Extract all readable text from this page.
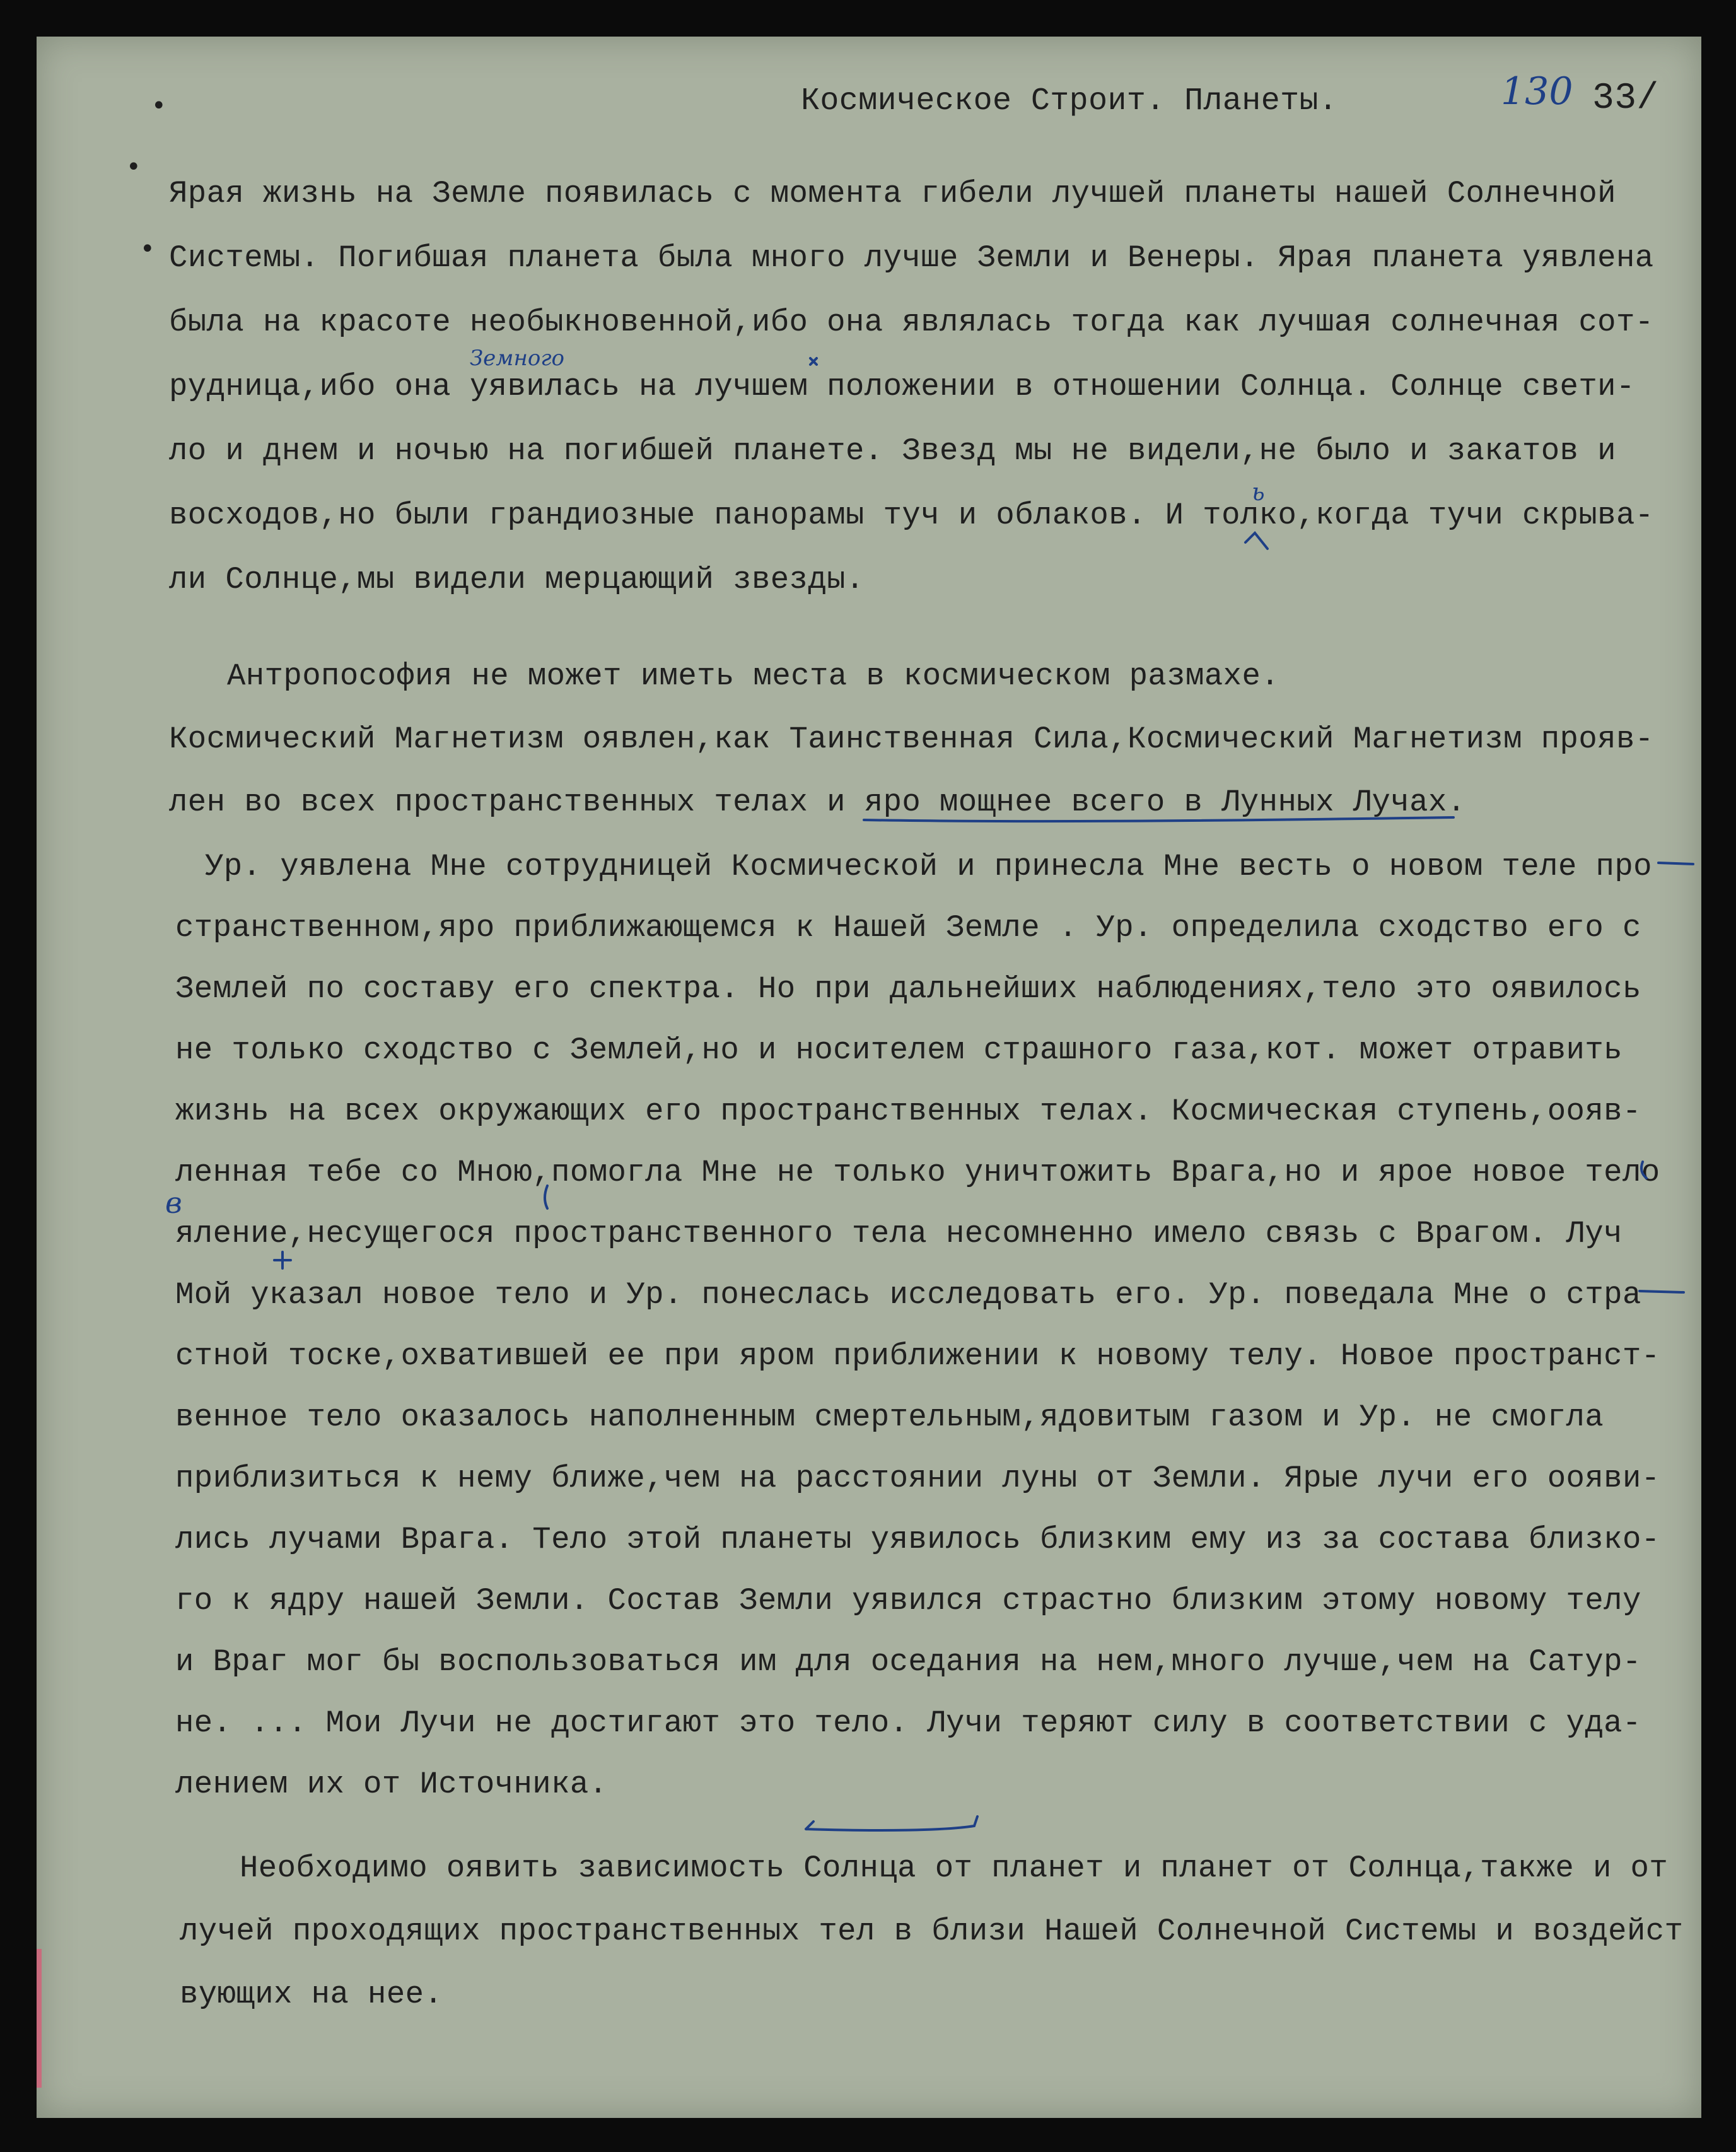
Космическое Строит. Планеты.	130 33/
•
•
•
Ярая жизнь на Земле появилась с момента гибели лучшей планеты нашей Солнечной
Системы. Погибшая планета была много лучше Земли и Венеры. Ярая планета уявлена
была на красоте необыкновенной,ибо она являлась тогда как лучшая солнечная сот-
рудница,ибо она уявилась на лучшем положении в отношении Солнца. Солнце свети-
ло и днем и ночью на погибшей планете. Звезд мы не видели,не было и закатов и
восходов,но были грандиозные панорамы туч и облаков. И толко,когда тучи скрыва-
ли Солнце,мы видели мерцающий звезды.
Антропософия не может иметь места в космическом размахе.
Космический Магнетизм оявлен,как Таинственная Сила,Космический Магнетизм прояв-
лен во всех пространственных телах и яро мощнее всего в Лунных Лучах.
Ур. уявлена Мне сотрудницей Космической и принесла Мне весть о новом теле про
странственном,яро приближающемся к Нашей Земле . Ур. определила сходство его с
Землей по составу его спектра. Но при дальнейших наблюдениях,тело это оявилось
не только сходство с Землей,но и носителем страшного газа,кот. может отравить
жизнь на всех окружающих его пространственных телах. Космическая ступень,оояв-
ленная тебе со Мною,помогла Мне не только уничтожить Врага,но и ярое новое тело
яление,несущегося пространственного тела несомненно имело связь с Врагом. Луч
Мой указал новое тело и Ур. понеслась исследовать его. Ур. поведала Мне о стра
стной тоске,охватившей ее при яром приближении к новому телу. Новое пространст-
венное тело оказалось наполненным смертельным,ядовитым газом и Ур. не смогла
приблизиться к нему ближе,чем на расстоянии луны от Земли. Ярые лучи его оояви-
лись лучами Врага. Тело этой планеты уявилось близким ему из за состава близко-
го к ядру нашей Земли. Состав Земли уявился страстно близким этому новому телу
и Враг мог бы воспользоваться им для оседания на нем,много лучше,чем на Сатур-
не. ... Мои Лучи не достигают это тело. Лучи теряют силу в соответствии с уда-
лением их от Источника.
Необходимо оявить зависимость Солнца от планет и планет от Солнца,также и от
лучей проходящих пространственных тел в близи Нашей Солнечной Системы и воздейст
вующих на нее.
Земного
в
ь
